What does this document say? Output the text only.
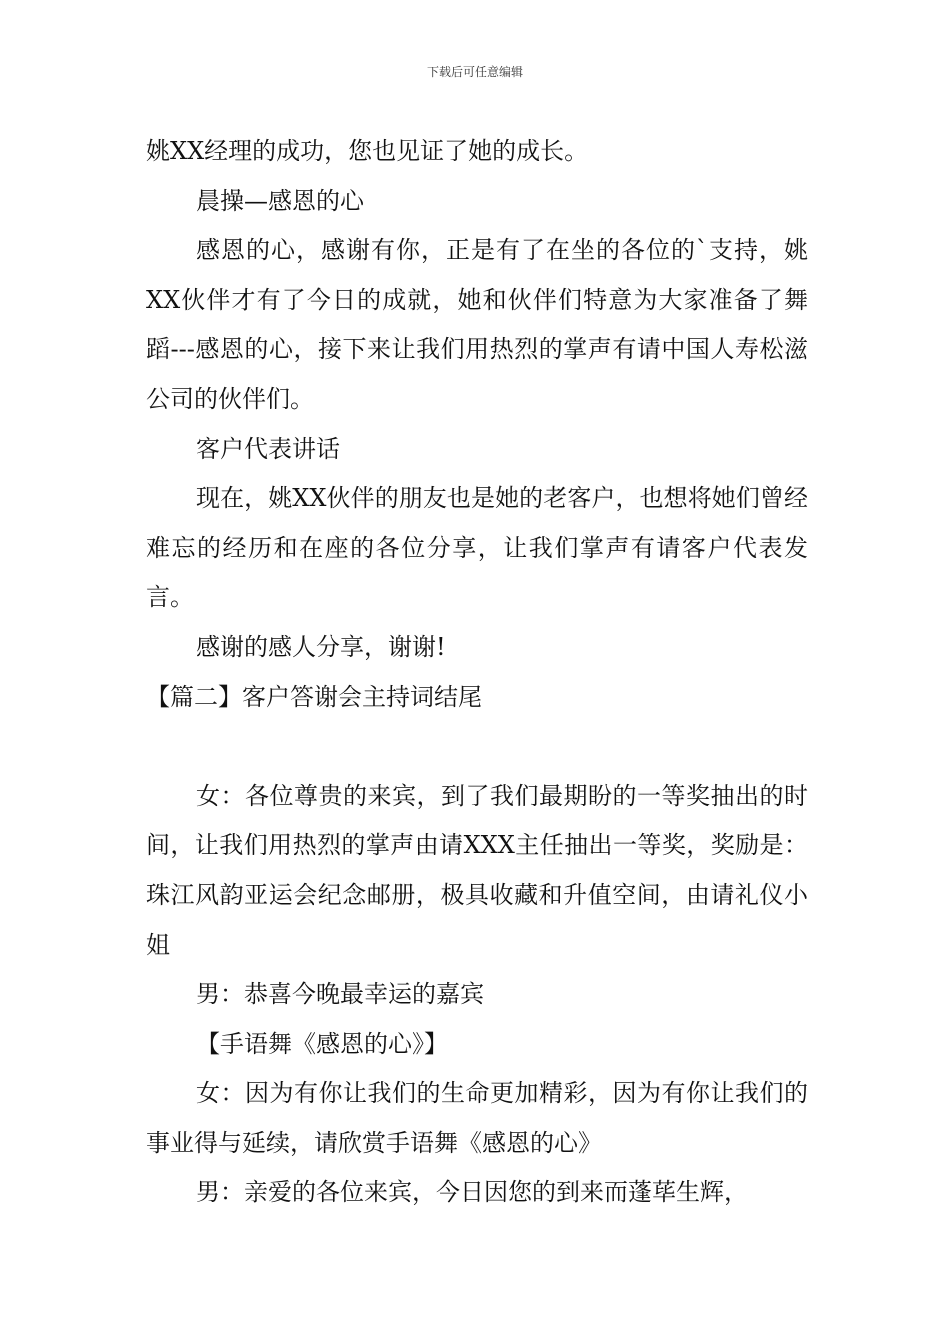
下载后可任意编辑

姚XX经理的成功，您也见证了她的成长。

晨操—感恩的心

感恩的心，感谢有你，正是有了在坐的各位的`支持，姚XX伙伴才有了今日的成就，她和伙伴们特意为大家准备了舞蹈---感恩的心，接下来让我们用热烈的掌声有请中国人寿松滋公司的伙伴们。

客户代表讲话

现在，姚XX伙伴的朋友也是她的老客户，也想将她们曾经难忘的经历和在座的各位分享，让我们掌声有请客户代表发言。

感谢的感人分享，谢谢!

【篇二】客户答谢会主持词结尾

女：各位尊贵的来宾，到了我们最期盼的一等奖抽出的时间，让我们用热烈的掌声由请XXX主任抽出一等奖，奖励是：珠江风韵亚运会纪念邮册，极具收藏和升值空间，由请礼仪小姐

男：恭喜今晚最幸运的嘉宾

【手语舞《感恩的心》】

女：因为有你让我们的生命更加精彩，因为有你让我们的事业得与延续，请欣赏手语舞《感恩的心》

男：亲爱的各位来宾，今日因您的到来而蓬荜生辉，
